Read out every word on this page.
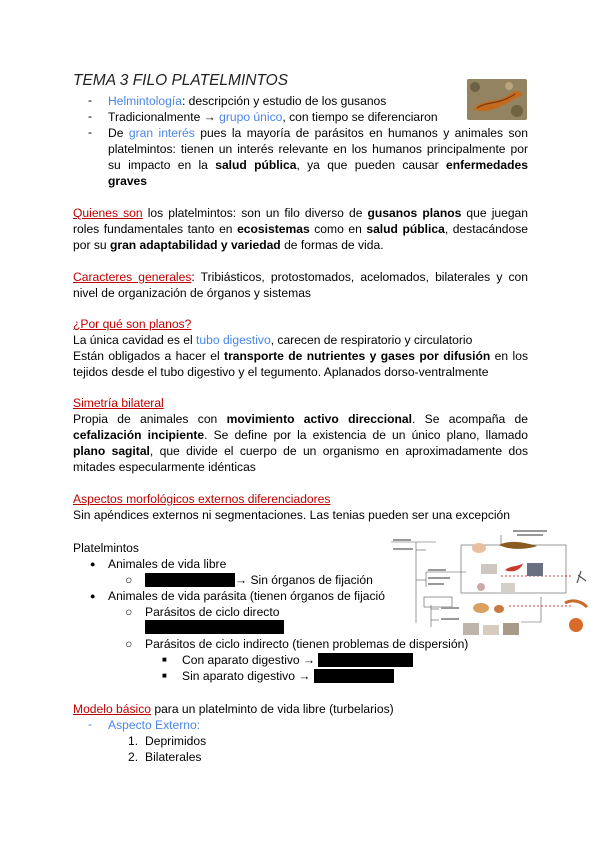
TEMA 3 FILO PLATELMINTOS
- Helmintología: descripción y estudio de los gusanos
- Tradicionalmente → grupo único, con tiempo se diferenciaron
- De gran interés pues la mayoría de parásitos en humanos y animales son
platelmintos: tienen un interés relevante en los humanos principalmente por
su impacto en la salud pública, ya que pueden causar enfermedades
graves
Quienes son los platelmintos: son un filo diverso de gusanos planos que juegan
roles fundamentales tanto en ecosistemas como en salud pública, destacándose
por su gran adaptabilidad y variedad de formas de vida.
Caracteres generales: Tribiásticos, protostomados, acelomados, bilaterales y con
nivel de organización de órganos y sistemas
¿Por qué son planos?
La única cavidad es el tubo digestivo, carecen de respiratorio y circulatorio
Están obligados a hacer el transporte de nutrientes y gases por difusión en los
tejidos desde el tubo digestivo y el tegumento. Aplanados dorso-ventralmente
Simetría bilateral
Propia de animales con movimiento activo direccional. Se acompaña de
cefalización incipiente. Se define por la existencia de un único plano, llamado
plano sagital, que divide el cuerpo de un organismo en aproximadamente dos
mitades especularmente idénticas
Aspectos morfológicos externos diferenciadores
Sin apéndices externos ni segmentaciones. Las tenias pueden ser una excepción
Platelmintos
● Animales de vida libre
○	→ Sin órganos de fijación
● Animales de vida parásita (tienen órganos de fijació
○ Parásitos de ciclo directo
○ Parásitos de ciclo indirecto (tienen problemas de dispersión)
■ Con aparato digestivo →
■ Sin aparato digestivo →
Modelo básico para un platelminto de vida libre (turbelarios)
- Aspecto Externo:
1. Deprimidos
2. Bilaterales
